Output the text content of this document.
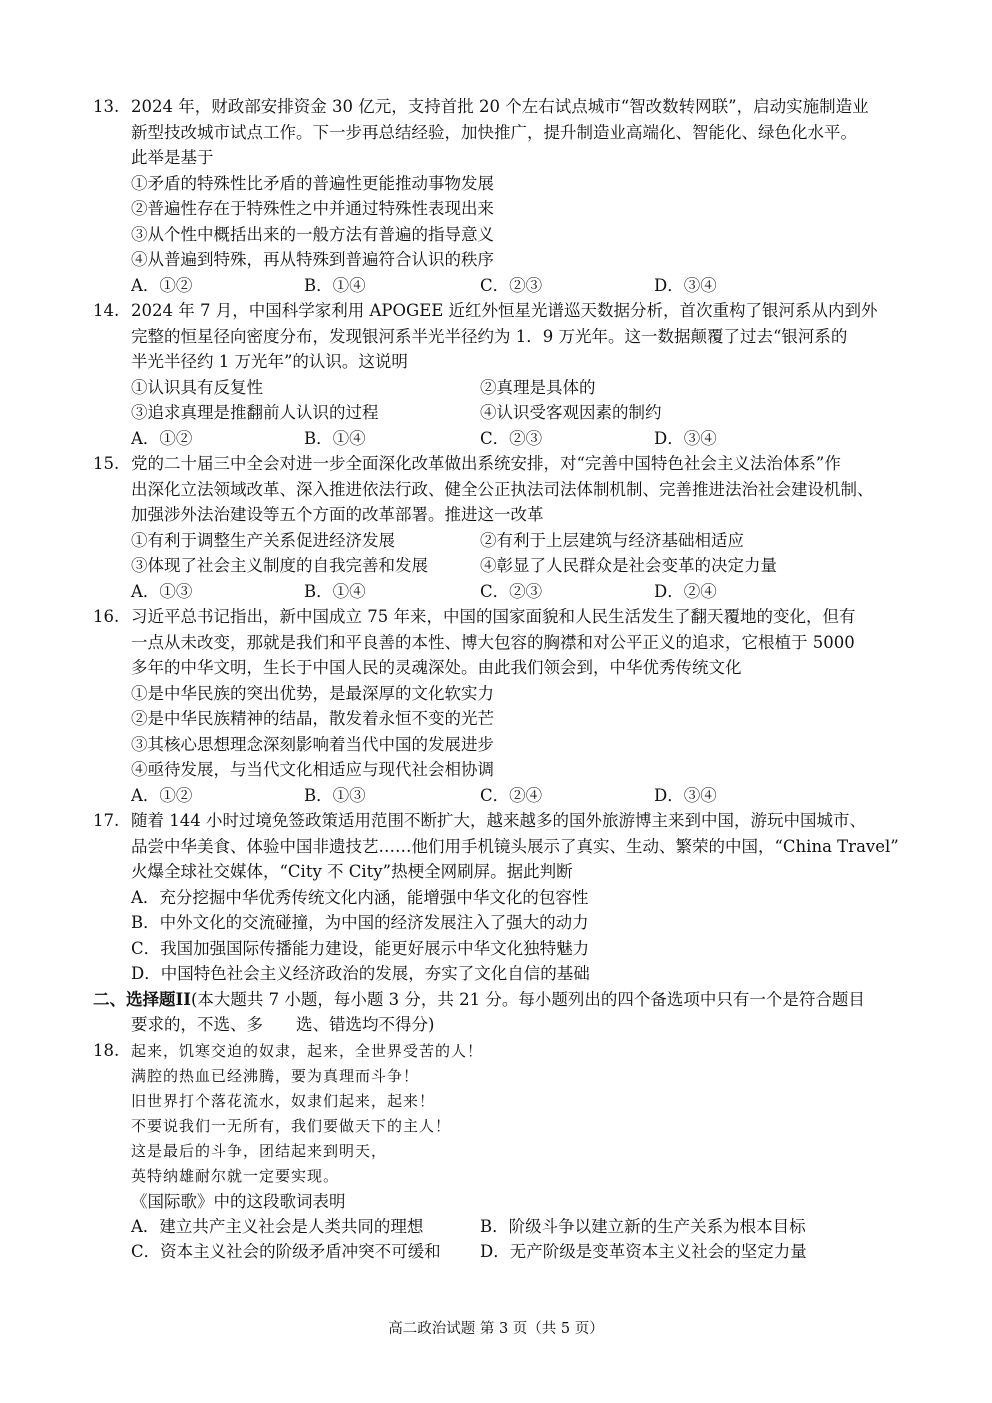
13. 2024 年，财政部安排资金 30 亿元，支持首批 20 个左右试点城市“智改数转网联”，启动实施制造业
新型技改城市试点工作。下一步再总结经验，加快推广，提升制造业高端化、智能化、绿色化水平。
此举是基于
①矛盾的特殊性比矛盾的普遍性更能推动事物发展
②普遍性存在于特殊性之中并通过特殊性表现出来
③从个性中概括出来的一般方法有普遍的指导意义
④从普遍到特殊，再从特殊到普遍符合认识的秩序
A．①②	B．①④	C．②③	D．③④
14. 2024 年 7 月，中国科学家利用 APOGEE 近红外恒星光谱巡天数据分析，首次重构了银河系从内到外
完整的恒星径向密度分布，发现银河系半光半径约为 1．9 万光年。这一数据颠覆了过去“银河系的
半光半径约 1 万光年”的认识。这说明
①认识具有反复性	②真理是具体的
③追求真理是推翻前人认识的过程	④认识受客观因素的制约
A．①②	B．①④	C．②③	D．③④
15. 党的二十届三中全会对进一步全面深化改革做出系统安排，对“完善中国特色社会主义法治体系”作
出深化立法领域改革、深入推进依法行政、健全公正执法司法体制机制、完善推进法治社会建设机制、
加强涉外法治建设等五个方面的改革部署。推进这一改革
①有利于调整生产关系促进经济发展	②有利于上层建筑与经济基础相适应
③体现了社会主义制度的自我完善和发展	④彰显了人民群众是社会变革的决定力量
A．①③	B．①④	C．②③	D．②④
16. 习近平总书记指出，新中国成立 75 年来，中国的国家面貌和人民生活发生了翻天覆地的变化，但有
一点从未改变，那就是我们和平良善的本性、博大包容的胸襟和对公平正义的追求，它根植于 5000
多年的中华文明，生长于中国人民的灵魂深处。由此我们领会到，中华优秀传统文化
①是中华民族的突出优势，是最深厚的文化软实力
②是中华民族精神的结晶，散发着永恒不变的光芒
③其核心思想理念深刻影响着当代中国的发展进步
④亟待发展，与当代文化相适应与现代社会相协调
A．①②	B．①③	C．②④	D．③④
17. 随着 144 小时过境免签政策适用范围不断扩大，越来越多的国外旅游博主来到中国，游玩中国城市、
品尝中华美食、体验中国非遗技艺……他们用手机镜头展示了真实、生动、繁荣的中国，“China Travel”
火爆全球社交媒体，“City 不 City”热梗全网刷屏。据此判断
A．充分挖掘中华优秀传统文化内涵，能增强中华文化的包容性
B．中外文化的交流碰撞，为中国的经济发展注入了强大的动力
C．我国加强国际传播能力建设，能更好展示中华文化独特魅力
D．中国特色社会主义经济政治的发展，夯实了文化自信的基础
二、选择题II(本大题共 7 小题，每小题 3 分，共 21 分。每小题列出的四个备选项中只有一个是符合题目
要求的，不选、多　　选、错选均不得分)
18. 起来，饥寒交迫的奴隶，起来，全世界受苦的人！
满腔的热血已经沸腾，要为真理而斗争！
旧世界打个落花流水，奴隶们起来，起来！
不要说我们一无所有，我们要做天下的主人！
这是最后的斗争，团结起来到明天，
英特纳雄耐尔就一定要实现。
《国际歌》中的这段歌词表明
A．建立共产主义社会是人类共同的理想	B．阶级斗争以建立新的生产关系为根本目标
C．资本主义社会的阶级矛盾冲突不可缓和 D．无产阶级是变革资本主义社会的坚定力量
高二政治试题 第 3 页（共 5 页）
